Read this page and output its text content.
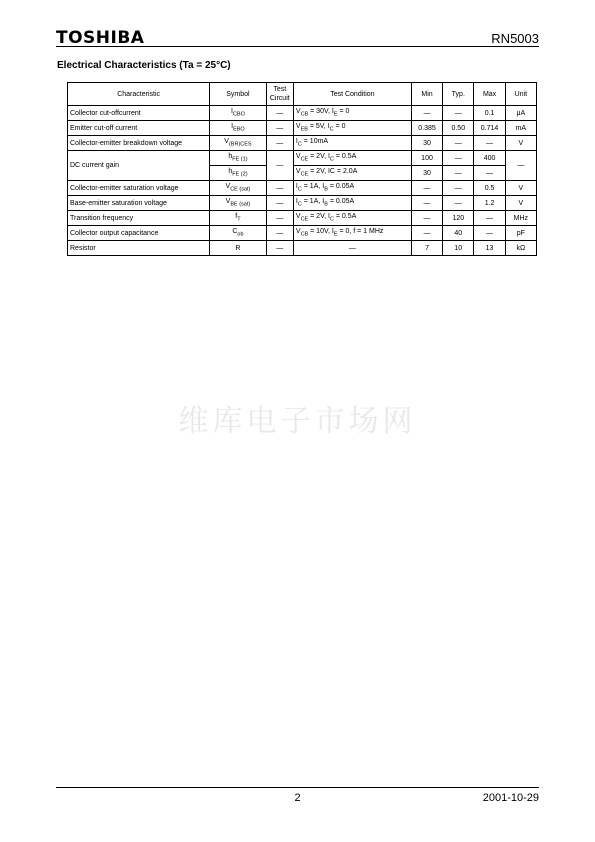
TOSHIBA	RN5003
Electrical Characteristics (Ta = 25°C)
Characteristic	Symbol	Test
Circuit	Test Condition	Min	Typ.	Max	Unit
Collector cut-offcurrent	$I_{CBO}$	—	$V_{CB} = 30V$, $I_E = 0$	—	—	0.1	μA
Emitter cut-off current	$I_{EBO}$	—	$V_{EB} = 5V$, $I_C = 0$	0.385	0.50	0.714	mA
Collector-emitter breakdown voltage	$V_{(BR)CES}$	—	$I_C = 10mA$	30	—	—	V
DC current gain	$h_{FE (1)}$	—	$V_{CE} = 2V$, $I_C = 0.5A$	100	—	400	—
	$h_{FE (2)}$		$V_{CE} = 2V$, IC = 2.0A	30	—	—	
Collector-emitter saturation voltage	$V_{CE (sat)}$	—	$I_C = 1A$, $I_B = 0.05A$	—	—	0.5	V
Base-emitter saturation voltage	$V_{BE (sat)}$	—	$I_C = 1A$, $I_B = 0.05A$	—	—	1.2	V
Transition frequency	$f_T$	—	$V_{CE} = 2V$, $I_C = 0.5A$	—	120	—	MHz
Collector output capacitance	$C_{ob}$	—	$V_{CB} = 10V$, $I_E = 0$, f = 1 MHz	—	40	—	pF
Resistor	R	—	—	7	10	13	kΩ
维库电子市场网
2	2001-10-29
